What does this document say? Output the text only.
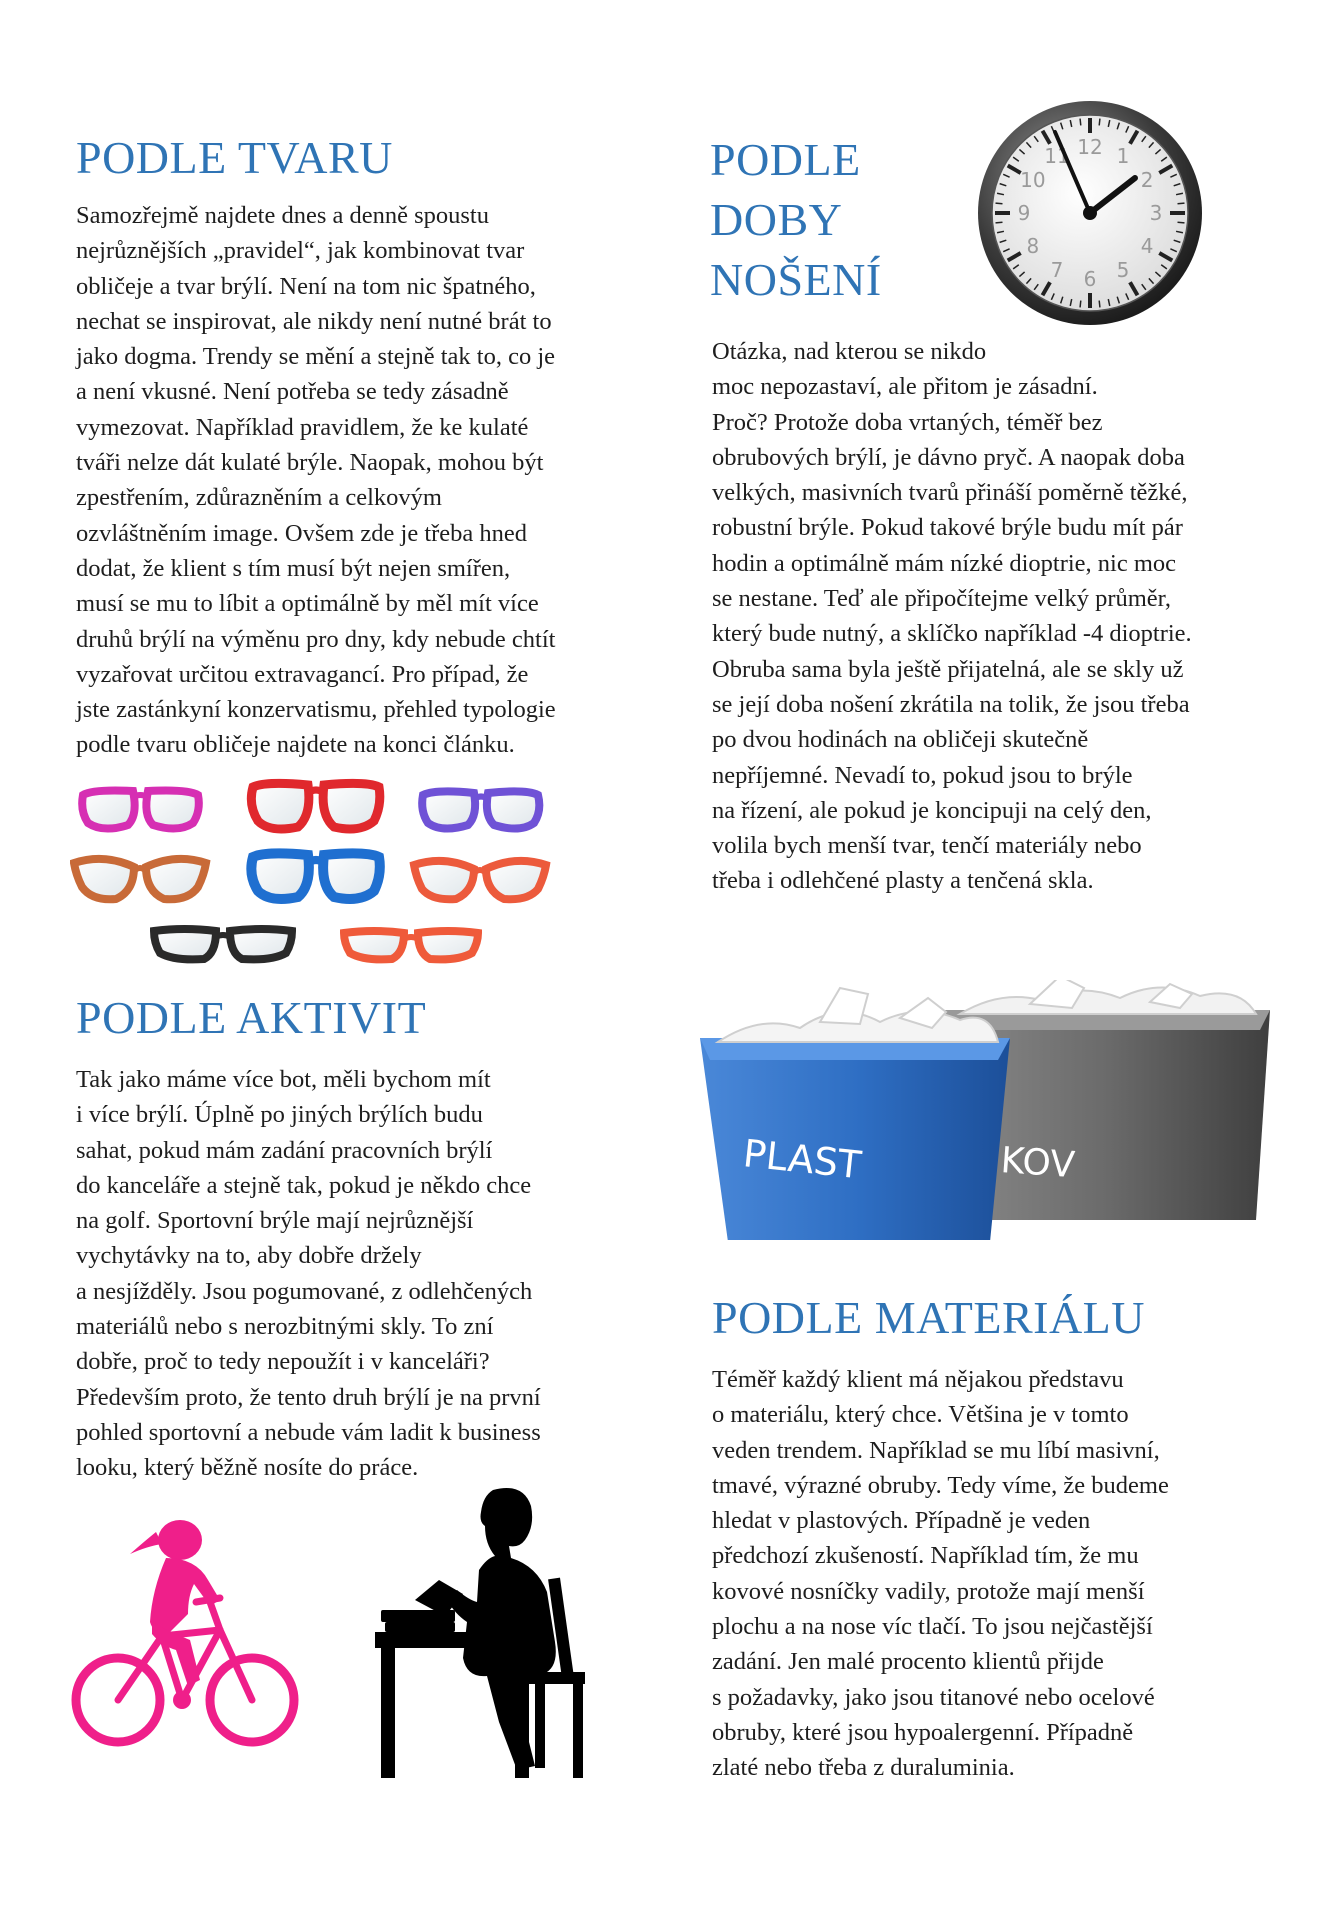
PODLE TVARU
Samozřejmě najdete dnes a denně spoustu
nejrůznějších „pravidel“, jak kombinovat tvar
obličeje a tvar brýlí. Není na tom nic špatného,
nechat se inspirovat, ale nikdy není nutné brát to
jako dogma. Trendy se mění a stejně tak to, co je
a není vkusné. Není potřeba se tedy zásadně
vymezovat. Například pravidlem, že ke kulaté
tváři nelze dát kulaté brýle. Naopak, mohou být
zpestřením, zdůrazněním a celkovým
ozvláštněním image. Ovšem zde je třeba hned
dodat, že klient s tím musí být nejen smířen,
musí se mu to líbit a optimálně by měl mít více
druhů brýlí na výměnu pro dny, kdy nebude chtít
vyzařovat určitou extravagancí. Pro případ, že
jste zastánkyní konzervatismu, přehled typologie
podle tvaru obličeje najdete na konci článku.
PODLE
DOBY
NOŠENÍ
12 1
2
3
4
5
6
7
8
9
10
11
Otázka, nad kterou se nikdo
moc nepozastaví, ale přitom je zásadní.
Proč? Protože doba vrtaných, téměř bez
obrubových brýlí, je dávno pryč. A naopak doba
velkých, masivních tvarů přináší poměrně těžké,
robustní brýle. Pokud takové brýle budu mít pár
hodin a optimálně mám nízké dioptrie, nic moc
se nestane. Teď ale připočítejme velký průměr,
který bude nutný, a sklíčko například -4 dioptrie.
Obruba sama byla ještě přijatelná, ale se skly už
se její doba nošení zkrátila na tolik, že jsou třeba
po dvou hodinách na obličeji skutečně
nepříjemné. Nevadí to, pokud jsou to brýle
na řízení, ale pokud je koncipuji na celý den,
volila bych menší tvar, tenčí materiály nebo
třeba i odlehčené plasty a tenčená skla.
PODLE AKTIVIT
Tak jako máme více bot, měli bychom mít
i více brýlí. Úplně po jiných brýlích budu
sahat, pokud mám zadání pracovních brýlí
do kanceláře a stejně tak, pokud je někdo chce
na golf. Sportovní brýle mají nejrůznější
vychytávky na to, aby dobře držely
a nesjížděly. Jsou pogumované, z odlehčených
materiálů nebo s nerozbitnými skly. To zní
dobře, proč to tedy nepoužít i v kanceláři?
Především proto, že tento druh brýlí je na první
pohled sportovní a nebude vám ladit k business
looku, který běžně nosíte do práce.
KOV
PLAST
PODLE MATERIÁLU
Téměř každý klient má nějakou představu
o materiálu, který chce. Většina je v tomto
veden trendem. Například se mu líbí masivní,
tmavé, výrazné obruby. Tedy víme, že budeme
hledat v plastových. Případně je veden
předchozí zkušeností. Například tím, že mu
kovové nosníčky vadily, protože mají menší
plochu a na nose víc tlačí. To jsou nejčastější
zadání. Jen malé procento klientů přijde
s požadavky, jako jsou titanové nebo ocelové
obruby, které jsou hypoalergenní. Případně
zlaté nebo třeba z duraluminia.
